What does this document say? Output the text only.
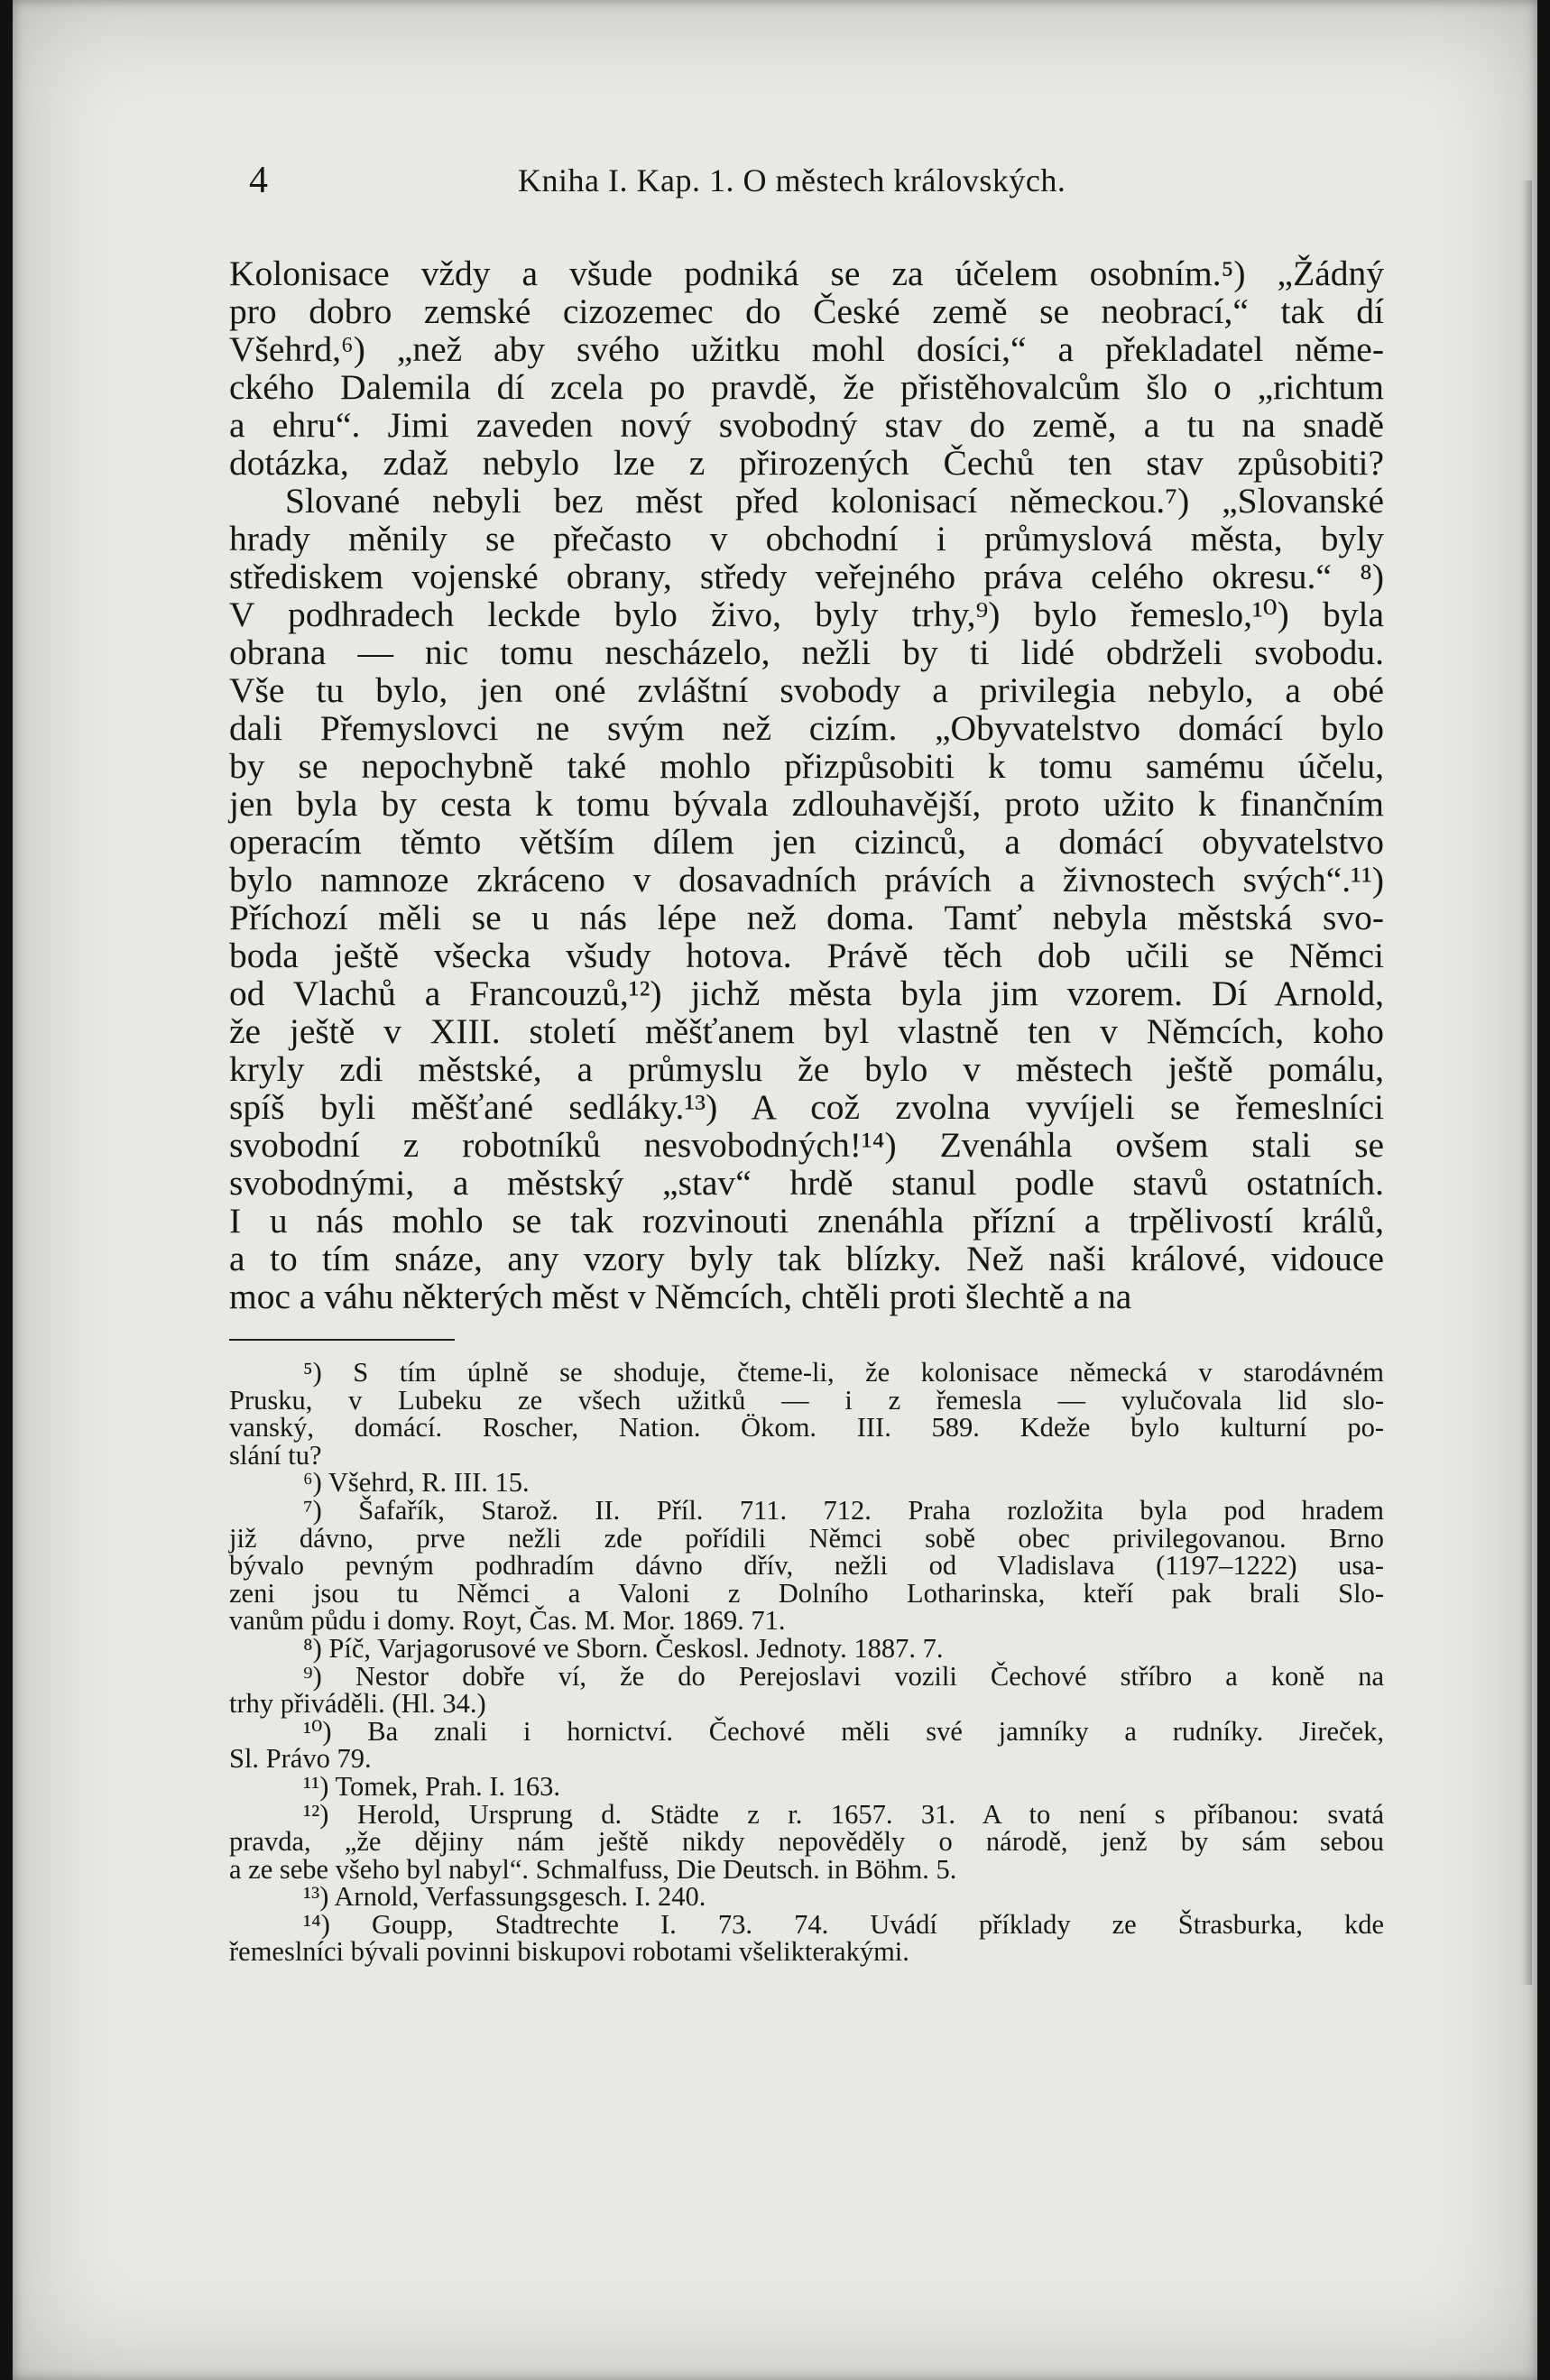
4	Kniha I. Kap. 1. O městech královských.
Kolonisace vždy a všude podniká se za účelem osobním.⁵) „Žádný
pro dobro zemské cizozemec do České země se neobrací,“ tak dí
Všehrd,⁶) „než aby svého užitku mohl dosíci,“ a překladatel něme-
ckého Dalemila dí zcela po pravdě, že přistěhovalcům šlo o „richtum
a ehru“. Jimi zaveden nový svobodný stav do země, a tu na snadě
dotázka, zdaž nebylo lze z přirozených Čechů ten stav způsobiti?
Slované nebyli bez měst před kolonisací německou.⁷) „Slovanské
hrady měnily se přečasto v obchodní i průmyslová města, byly
střediskem vojenské obrany, středy veřejného práva celého okresu.“ ⁸)
V podhradech leckde bylo živo, byly trhy,⁹) bylo řemeslo,¹⁰) byla
obrana — nic tomu nescházelo, nežli by ti lidé obdrželi svobodu.
Vše tu bylo, jen oné zvláštní svobody a privilegia nebylo, a obé
dali Přemyslovci ne svým než cizím. „Obyvatelstvo domácí bylo
by se nepochybně také mohlo přizpůsobiti k tomu samému účelu,
jen byla by cesta k tomu bývala zdlouhavější, proto užito k finančním
operacím těmto větším dílem jen cizinců, a domácí obyvatelstvo
bylo namnoze zkráceno v dosavadních právích a živnostech svých“.¹¹)
Příchozí měli se u nás lépe než doma. Tamť nebyla městská svo-
boda ještě všecka všudy hotova. Právě těch dob učili se Němci
od Vlachů a Francouzů,¹²) jichž města byla jim vzorem. Dí Arnold,
že ještě v XIII. století měšťanem byl vlastně ten v Němcích, koho
kryly zdi městské, a průmyslu že bylo v městech ještě pomálu,
spíš byli měšťané sedláky.¹³) A což zvolna vyvíjeli se řemeslníci
svobodní z robotníků nesvobodných!¹⁴) Zvenáhla ovšem stali se
svobodnými, a městský „stav“ hrdě stanul podle stavů ostatních.
I u nás mohlo se tak rozvinouti znenáhla přízní a trpělivostí králů,
a to tím snáze, any vzory byly tak blízky. Než naši králové, vidouce
moc a váhu některých měst v Němcích, chtěli proti šlechtě a na
⁵) S tím úplně se shoduje, čteme-li, že kolonisace německá v starodávném
Prusku, v Lubeku ze všech užitků — i z řemesla — vylučovala lid slo-
vanský, domácí. Roscher, Nation. Ökom. III. 589. Kdeže bylo kulturní po-
slání tu?
⁶) Všehrd, R. III. 15.
⁷) Šafařík, Starož. II. Příl. 711. 712. Praha rozložita byla pod hradem
již dávno, prve nežli zde pořídili Němci sobě obec privilegovanou. Brno
bývalo pevným podhradím dávno dřív, nežli od Vladislava (1197–1222) usa-
zeni jsou tu Němci a Valoni z Dolního Lotharinska, kteří pak brali Slo-
vanům půdu i domy. Royt, Čas. M. Mor. 1869. 71.
⁸) Píč, Varjagorusové ve Sborn. Českosl. Jednoty. 1887. 7.
⁹) Nestor dobře ví, že do Perejoslavi vozili Čechové stříbro a koně na
trhy přiváděli. (Hl. 34.)
¹⁰) Ba znali i hornictví. Čechové měli své jamníky a rudníky. Jireček,
Sl. Právo 79.
¹¹) Tomek, Prah. I. 163.
¹²) Herold, Ursprung d. Städte z r. 1657. 31. A to není s příbanou: svatá
pravda, „že dějiny nám ještě nikdy nepověděly o národě, jenž by sám sebou
a ze sebe všeho byl nabyl“. Schmalfuss, Die Deutsch. in Böhm. 5.
¹³) Arnold, Verfassungsgesch. I. 240.
¹⁴) Goupp, Stadtrechte I. 73. 74. Uvádí příklady ze Štrasburka, kde
řemeslníci bývali povinni biskupovi robotami všelikterakými.
